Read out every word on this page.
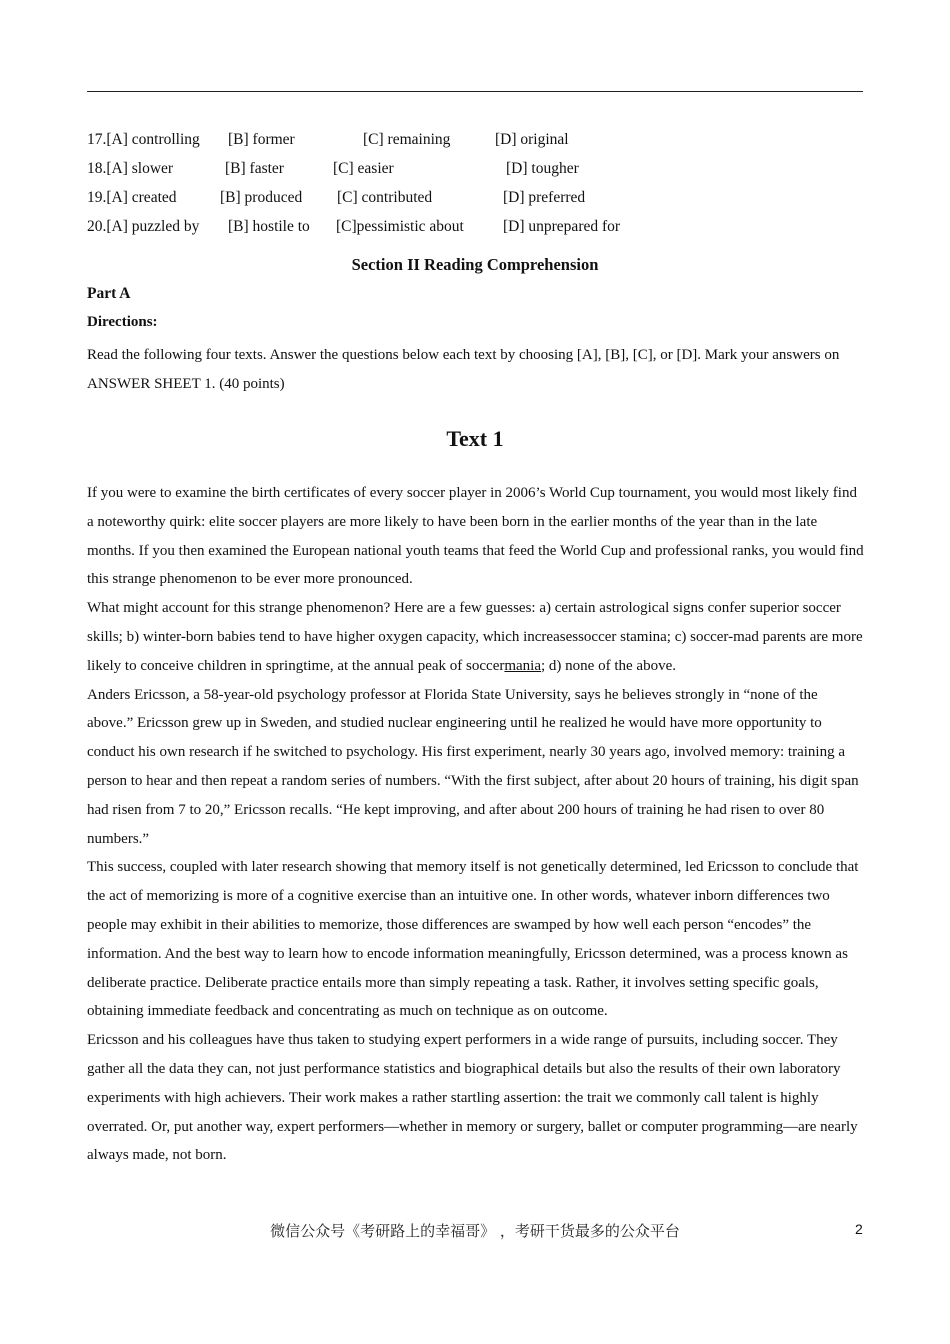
17.[A] controlling [B] former	[C] remaining	[D] original
18.[A] slower	[B] faster	[C] easier	[D] tougher
19.[A] created	[B] produced [C] contributed	[D] preferred
20.[A] puzzled by [B] hostile to [C]pessimistic about	[D] unprepared for
Section II Reading Comprehension
Part A
Directions:
Read the following four texts. Answer the questions below each text by choosing [A], [B], [C], or [D]. Mark your answers on ANSWER SHEET 1. (40 points)
Text 1

If you were to examine the birth certificates of every soccer player in 2006’s World Cup tournament, you would most likely find a noteworthy quirk: elite soccer players are more likely to have been born in the earlier months of the year than in the late months. If you then examined the European national youth teams that feed the World Cup and professional ranks, you would find this strange phenomenon to be ever more pronounced.

What might account for this strange phenomenon? Here are a few guesses: a) certain astrological signs confer superior soccer skills; b) winter-born babies tend to have higher oxygen capacity, which increasessoccer stamina; c) soccer-mad parents are more likely to conceive children in springtime, at the annual peak of soccermania; d) none of the above.

Anders Ericsson, a 58-year-old psychology professor at Florida State University, says he believes strongly in “none of the above.” Ericsson grew up in Sweden, and studied nuclear engineering until he realized he would have more opportunity to conduct his own research if he switched to psychology. His first experiment, nearly 30 years ago, involved memory: training a person to hear and then repeat a random series of numbers. “With the first subject, after about 20 hours of training, his digit span had risen from 7 to 20,” Ericsson recalls. “He kept improving, and after about 200 hours of training he had risen to over 80 numbers.”

This success, coupled with later research showing that memory itself is not genetically determined, led Ericsson to conclude that the act of memorizing is more of a cognitive exercise than an intuitive one. In other words, whatever inborn differences two people may exhibit in their abilities to memorize, those differences are swamped by how well each person “encodes” the information. And the best way to learn how to encode information meaningfully, Ericsson determined, was a process known as deliberate practice. Deliberate practice entails more than simply repeating a task. Rather, it involves setting specific goals, obtaining immediate feedback and concentrating as much on technique as on outcome.

Ericsson and his colleagues have thus taken to studying expert performers in a wide range of pursuits, including soccer. They gather all the data they can, not just performance statistics and biographical details but also the results of their own laboratory experiments with high achievers. Their work makes a rather startling assertion: the trait we commonly call talent is highly overrated. Or, put another way, expert performers—whether in memory or surgery, ballet or computer programming—are nearly always made, not born.

微信公众号《考研路上的幸福哥》 ，考研干货最多的公众平台	2
